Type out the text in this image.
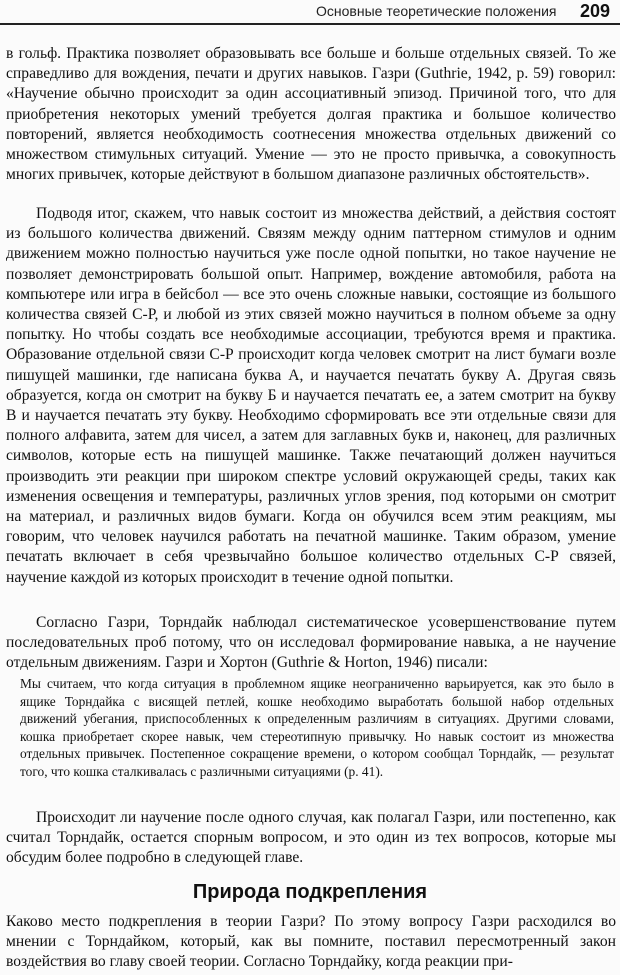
Основные теоретические положения	209

в гольф. Практика позволяет образовывать все больше и больше отдельных связей. То же справедливо для вождения, печати и других навыков. Газри (Guthrie, 1942, p. 59) говорил: «Научение обычно происходит за один ассоциативный эпизод. Причиной того, что для приобретения некоторых умений требуется долгая практика и большое количество повторений, является необходимость соотнесения множества отдельных движений со множеством стимульных ситуаций. Умение — это не просто привычка, а совокупность многих привычек, которые действуют в большом диапазоне различных обстоятельств».

Подводя итог, скажем, что навык состоит из множества действий, а действия состоят из большого количества движений. Связям между одним паттерном стимулов и одним движением можно полностью научиться уже после одной попытки, но такое научение не позволяет демонстрировать большой опыт. Например, вождение автомобиля, работа на компьютере или игра в бейсбол — все это очень сложные навыки, состоящие из большого количества связей С-Р, и любой из этих связей можно научиться в полном объеме за одну попытку. Но чтобы создать все необходимые ассоциации, требуются время и практика. Образование отдельной связи С-Р происходит когда человек смотрит на лист бумаги возле пишущей машинки, где написана буква А, и научается печатать букву А. Другая связь образуется, когда он смотрит на букву Б и научается печатать ее, а затем смотрит на букву В и научается печатать эту букву. Необходимо сформировать все эти отдельные связи для полного алфавита, затем для чисел, а затем для заглавных букв и, наконец, для различных символов, которые есть на пишущей машинке. Также печатающий должен научиться производить эти реакции при широком спектре условий окружающей среды, таких как изменения освещения и температуры, различных углов зрения, под которыми он смотрит на материал, и различных видов бумаги. Когда он обучился всем этим реакциям, мы говорим, что человек научился работать на печатной машинке. Таким образом, умение печатать включает в себя чрезвычайно большое количество отдельных С-Р связей, научение каждой из которых происходит в течение одной попытки.

Согласно Газри, Торндайк наблюдал систематическое усовершенствование путем последовательных проб потому, что он исследовал формирование навыка, а не научение отдельным движениям. Газри и Хортон (Guthrie & Horton, 1946) писали:

Мы считаем, что когда ситуация в проблемном ящике неограниченно варьируется, как это было в ящике Торндайка с висящей петлей, кошке необходимо выработать большой набор отдельных движений убегания, приспособленных к определенным различиям в ситуациях. Другими словами, кошка приобретает скорее навык, чем стереотипную привычку. Но навык состоит из множества отдельных привычек. Постепенное сокращение времени, о котором сообщал Торндайк, — результат того, что кошка сталкивалась с различными ситуациями (p. 41).

Происходит ли научение после одного случая, как полагал Газри, или постепенно, как считал Торндайк, остается спорным вопросом, и это один из тех вопросов, которые мы обсудим более подробно в следующей главе.

Природа подкрепления

Каково место подкрепления в теории Газри? По этому вопросу Газри расходился во мнении с Торндайком, который, как вы помните, поставил пересмотренный закон воздействия во главу своей теории. Согласно Торндайку, когда реакции при-
